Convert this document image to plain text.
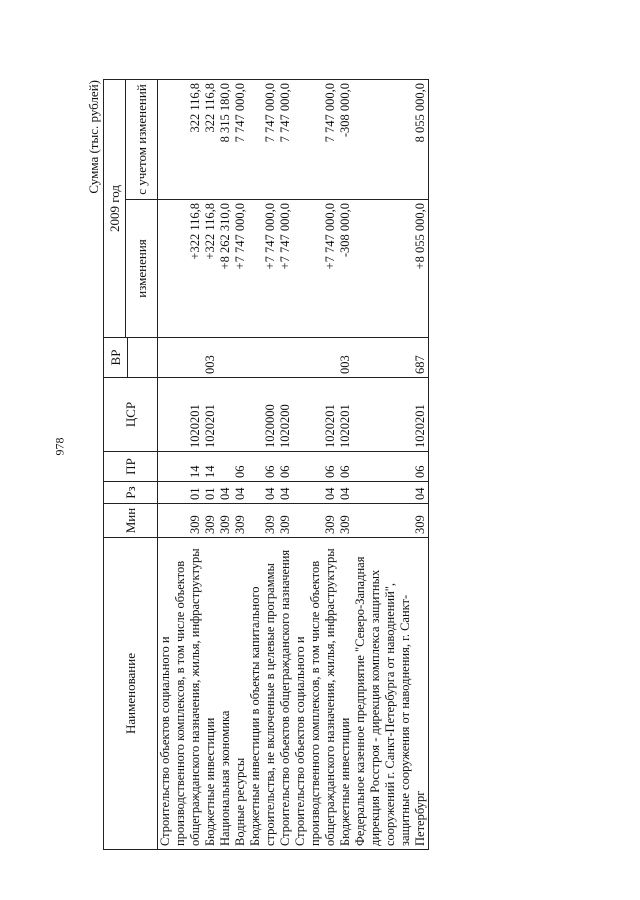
978
Сумма (тыс. рублей)
Наименование	Мин	Рз	ПР	ЦСР	ВР	2009 год	
						изменения	с учетом изменений

Строительство объектов социального и производственного комплексов, в том числе объектов общегражданского назначения, жилья, инфраструктуры	309	01	14	1020201		+322 116,8	322 116,8
Бюджетные инвестиции	309	01	14	1020201	003	+322 116,8	322 116,8
Национальная экономика	309	04				+8 262 310,0	8 315 180,0
Водные ресурсы	309	04	06			+7 747 000,0	7 747 000,0
Бюджетные инвестиции в объекты капитального строительства, не включенные в целевые программы	309	04	06	1020000		+7 747 000,0	7 747 000,0
Строительство объектов общегражданского назначения	309	04	06	1020200		+7 747 000,0	7 747 000,0
Строительство объектов социального и производственного комплексов, в том числе объектов общегражданского назначения, жилья, инфраструктуры	309	04	06	1020201		+7 747 000,0	7 747 000,0
Бюджетные инвестиции	309	04	06	1020201	003	-308 000,0	-308 000,0
Федеральное казенное предприятие "Северо-Западная дирекция Росстроя - дирекция комплекса защитных сооружений г. Санкт-Петербурга от наводнений", защитные сооружения от наводнения, г. Санкт-Петербург	309	04	06	1020201	687	+8 055 000,0	8 055 000,0
